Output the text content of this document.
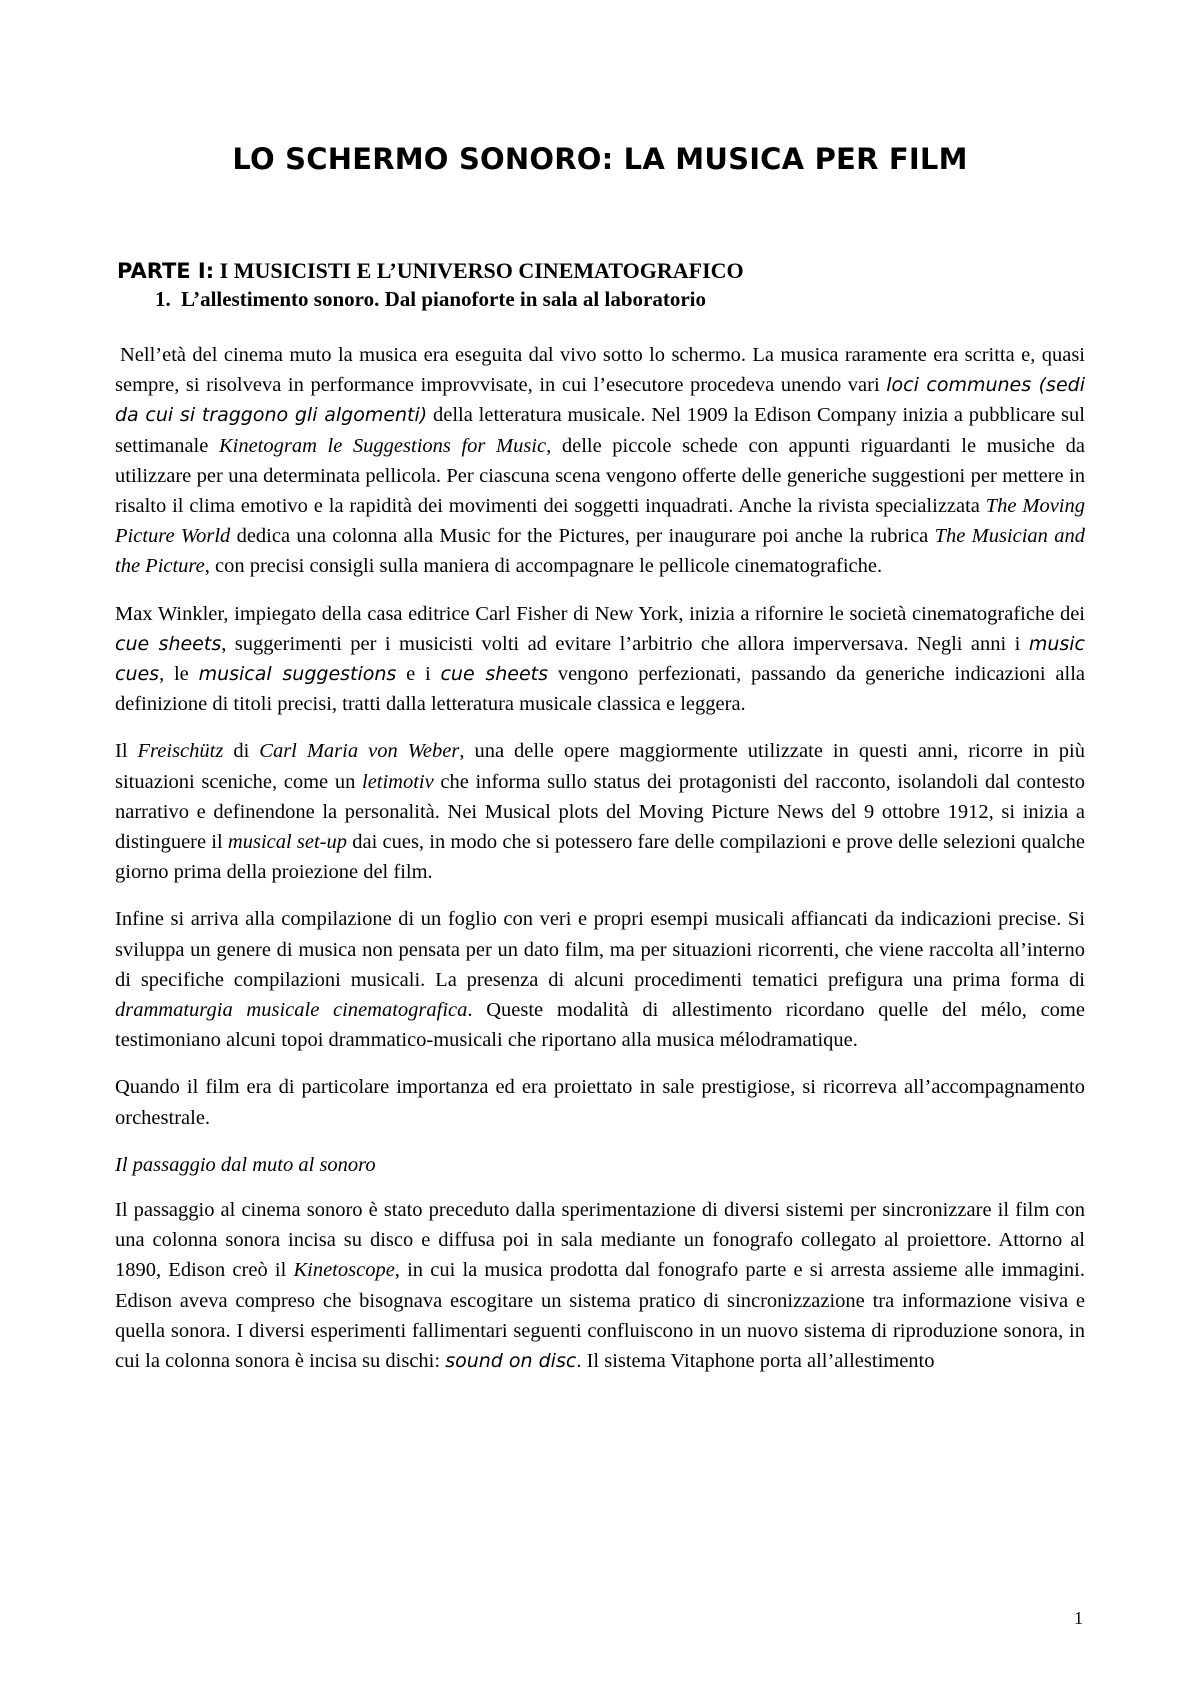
LO SCHERMO SONORO: LA MUSICA PER FILM
PARTE I: I MUSICISTI E L’UNIVERSO CINEMATOGRAFICO
1. L’allestimento sonoro. Dal pianoforte in sala al laboratorio

Nell’età del cinema muto la musica era eseguita dal vivo sotto lo schermo. La musica raramente era scritta e, quasi sempre, si risolveva in performance improvvisate, in cui l’esecutore procedeva unendo vari loci communes (sedi da cui si traggono gli algomenti) della letteratura musicale. Nel 1909 la Edison Company inizia a pubblicare sul settimanale Kinetogram le Suggestions for Music, delle piccole schede con appunti riguardanti le musiche da utilizzare per una determinata pellicola. Per ciascuna scena vengono offerte delle generiche suggestioni per mettere in risalto il clima emotivo e la rapidità dei movimenti dei soggetti inquadrati. Anche la rivista specializzata The Moving Picture World dedica una colonna alla Music for the Pictures, per inaugurare poi anche la rubrica The Musician and the Picture, con precisi consigli sulla maniera di accompagnare le pellicole cinematografiche.

Max Winkler, impiegato della casa editrice Carl Fisher di New York, inizia a rifornire le società cinematografiche dei cue sheets, suggerimenti per i musicisti volti ad evitare l’arbitrio che allora imperversava. Negli anni i music cues, le musical suggestions e i cue sheets vengono perfezionati, passando da generiche indicazioni alla definizione di titoli precisi, tratti dalla letteratura musicale classica e leggera.

Il Freischütz di Carl Maria von Weber, una delle opere maggiormente utilizzate in questi anni, ricorre in più situazioni sceniche, come un letimotiv che informa sullo status dei protagonisti del racconto, isolandoli dal contesto narrativo e definendone la personalità. Nei Musical plots del Moving Picture News del 9 ottobre 1912, si inizia a distinguere il musical set-up dai cues, in modo che si potessero fare delle compilazioni e prove delle selezioni qualche giorno prima della proiezione del film.

Infine si arriva alla compilazione di un foglio con veri e propri esempi musicali affiancati da indicazioni precise. Si sviluppa un genere di musica non pensata per un dato film, ma per situazioni ricorrenti, che viene raccolta all’interno di specifiche compilazioni musicali. La presenza di alcuni procedimenti tematici prefigura una prima forma di drammaturgia musicale cinematografica. Queste modalità di allestimento ricordano quelle del mélo, come testimoniano alcuni topoi drammatico-musicali che riportano alla musica mélodramatique.

Quando il film era di particolare importanza ed era proiettato in sale prestigiose, si ricorreva all’accompagnamento orchestrale.

Il passaggio dal muto al sonoro

Il passaggio al cinema sonoro è stato preceduto dalla sperimentazione di diversi sistemi per sincronizzare il film con una colonna sonora incisa su disco e diffusa poi in sala mediante un fonografo collegato al proiettore. Attorno al 1890, Edison creò il Kinetoscope, in cui la musica prodotta dal fonografo parte e si arresta assieme alle immagini. Edison aveva compreso che bisognava escogitare un sistema pratico di sincronizzazione tra informazione visiva e quella sonora. I diversi esperimenti fallimentari seguenti confluiscono in un nuovo sistema di riproduzione sonora, in cui la colonna sonora è incisa su dischi: sound on disc. Il sistema Vitaphone porta all’allestimento

1
